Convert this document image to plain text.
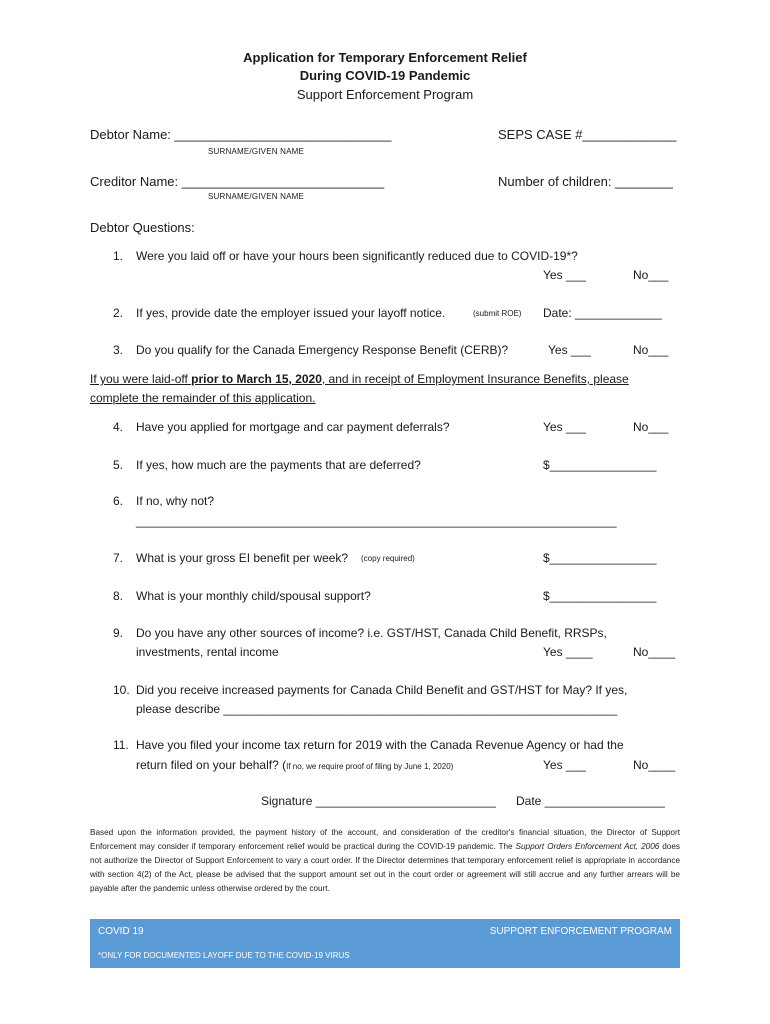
Application for Temporary Enforcement Relief
During COVID-19 Pandemic
Support Enforcement Program
Debtor Name: ______________________________
SURNAME/GIVEN NAME
SEPS CASE #_____________
Creditor Name: ____________________________
SURNAME/GIVEN NAME
Number of children: ________
Debtor Questions:
1. Were you laid off or have your hours been significantly reduced due to COVID-19*?
Yes ___	No___
2. If yes, provide date the employer issued your layoff notice.	(submit ROE) Date: _____________
3. Do you qualify for the Canada Emergency Response Benefit (CERB)?	Yes ___	No___
If you were laid-off prior to March 15, 2020, and in receipt of Employment Insurance Benefits, please
complete the remainder of this application.
4. Have you applied for mortgage and car payment deferrals?	Yes ___	No___
5. If yes, how much are the payments that are deferred?	$________________
6. If no, why not?
________________________________________________________________________
7. What is your gross EI benefit per week? (copy required)	$________________
8. What is your monthly child/spousal support?	$________________
9. Do you have any other sources of income? i.e. GST/HST, Canada Child Benefit, RRSPs,
investments, rental income	Yes ____	No____
10. Did you receive increased payments for Canada Child Benefit and GST/HST for May? If yes,
please describe ___________________________________________________________
11. Have you filed your income tax return for 2019 with the Canada Revenue Agency or had the
return filed on your behalf? (If no, we require proof of filing by June 1, 2020)	Yes ___	No____
Signature ___________________________ Date __________________
Based upon the information provided, the payment history of the account, and consideration of the creditor's financial situation, the Director of Support Enforcement may consider if temporary enforcement relief would be practical during the COVID-19 pandemic. The Support Orders Enforcement Act, 2006 does not authorize the Director of Support Enforcement to vary a court order. If the Director determines that temporary enforcement relief is appropriate in accordance with section 4(2) of the Act, please be advised that the support amount set out in the court order or agreement will still accrue and any further arrears will be payable after the pandemic unless otherwise ordered by the court.
COVID 19	SUPPORT ENFORCEMENT PROGRAM
*ONLY FOR DOCUMENTED LAYOFF DUE TO THE COVID-19 VIRUS
